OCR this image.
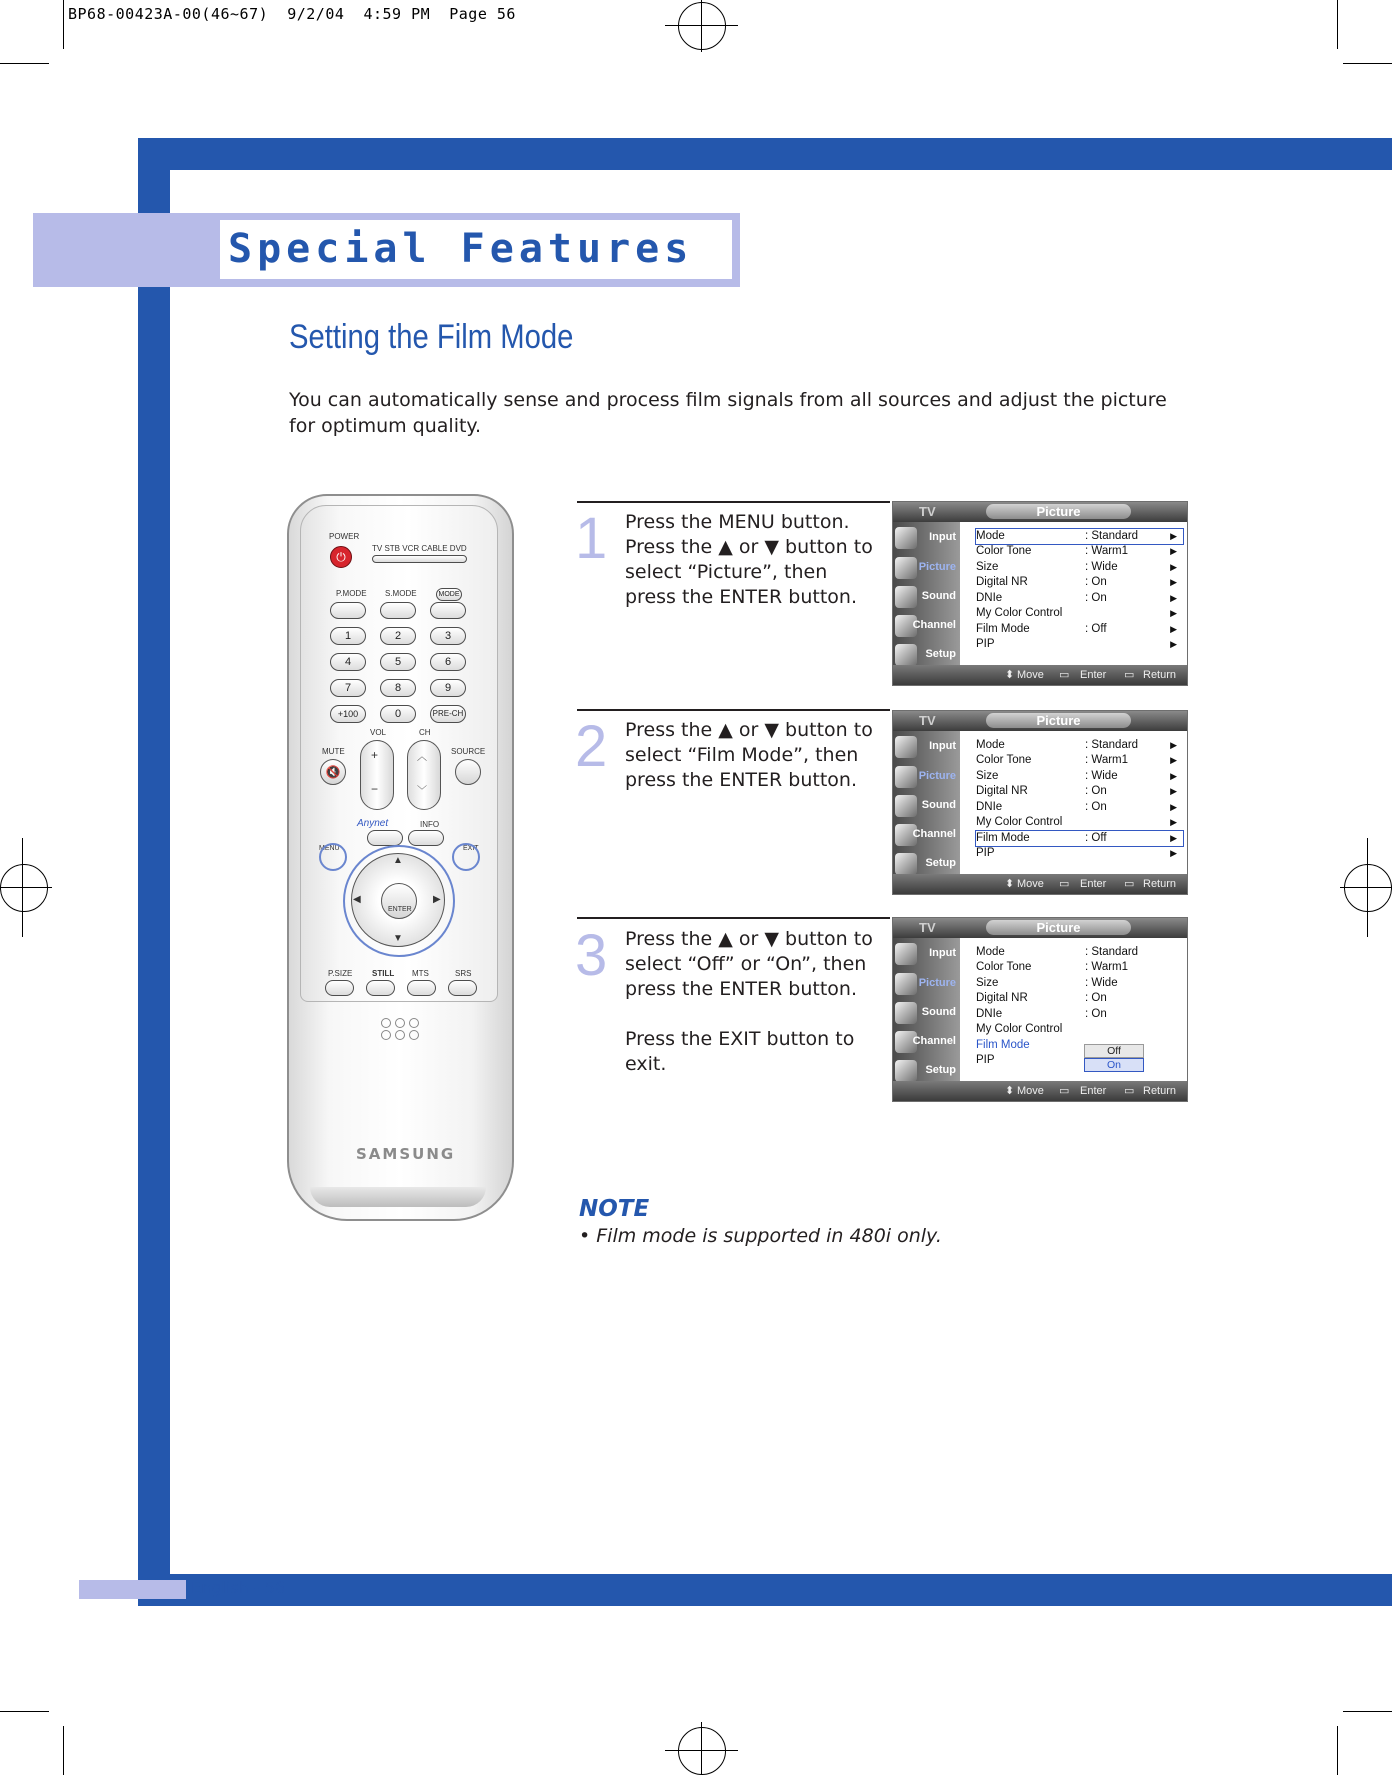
BP68-00423A-00(46~67)  9/2/04  4:59 PM  Page 56
Special Features
Setting the Film Mode
You can automatically sense and process film signals from all sources and adjust the picture for optimum quality.
POWER
⏻
TV STB VCR CABLE DVD
P.MODE S.MODE	MODE
1	2	3
4	5	6
7	8	9
+100	0	PRE-CH
VOL	CH
MUTE	SOURCE
🔇
+
−
︿
﹀
Anynet	INFO
MENU	EXIT
▲
▼
◀	▶
ENTER
P.SIZE STILL MTS	SRS
SAMSUNG
1 Press the MENU button. Press the ▲ or ▼ button to select “Picture”, then press the ENTER button.

TV	Picture
Input
Picture
Sound
Channel
Setup
Mode	: Standard	▶
Color Tone	: Warm1	▶
Size	: Wide	▶
Digital NR	: On	▶
DNIe	: On	▶
My Color Control	▶
Film Mode	: Off	▶
PIP	▶
⬍ Move ▭ Enter ▭ Return
2 Press the ▲ or ▼ button to select “Film Mode”, then press the ENTER button.

TV	Picture
Input
Picture
Sound
Channel
Setup
Mode	: Standard	▶
Color Tone	: Warm1	▶
Size	: Wide	▶
Digital NR	: On	▶
DNIe	: On	▶
My Color Control	▶
Film Mode	: Off	▶
PIP	▶
⬍ Move ▭ Enter ▭ Return
3 Press the ▲ or ▼ button to select “Off” or “On”, then press the ENTER button.

Press the EXIT button to exit.

TV	Picture
Input
Picture
Sound
Channel
Setup
Mode	: Standard
Color Tone	: Warm1
Size	: Wide
Digital NR	: On
DNIe	: On
My Color Control
Film Mode
PIP
Off
On
⬍ Move ▭ Enter ▭ Return
NOTE
• Film mode is supported in 480i only.
English - 56
